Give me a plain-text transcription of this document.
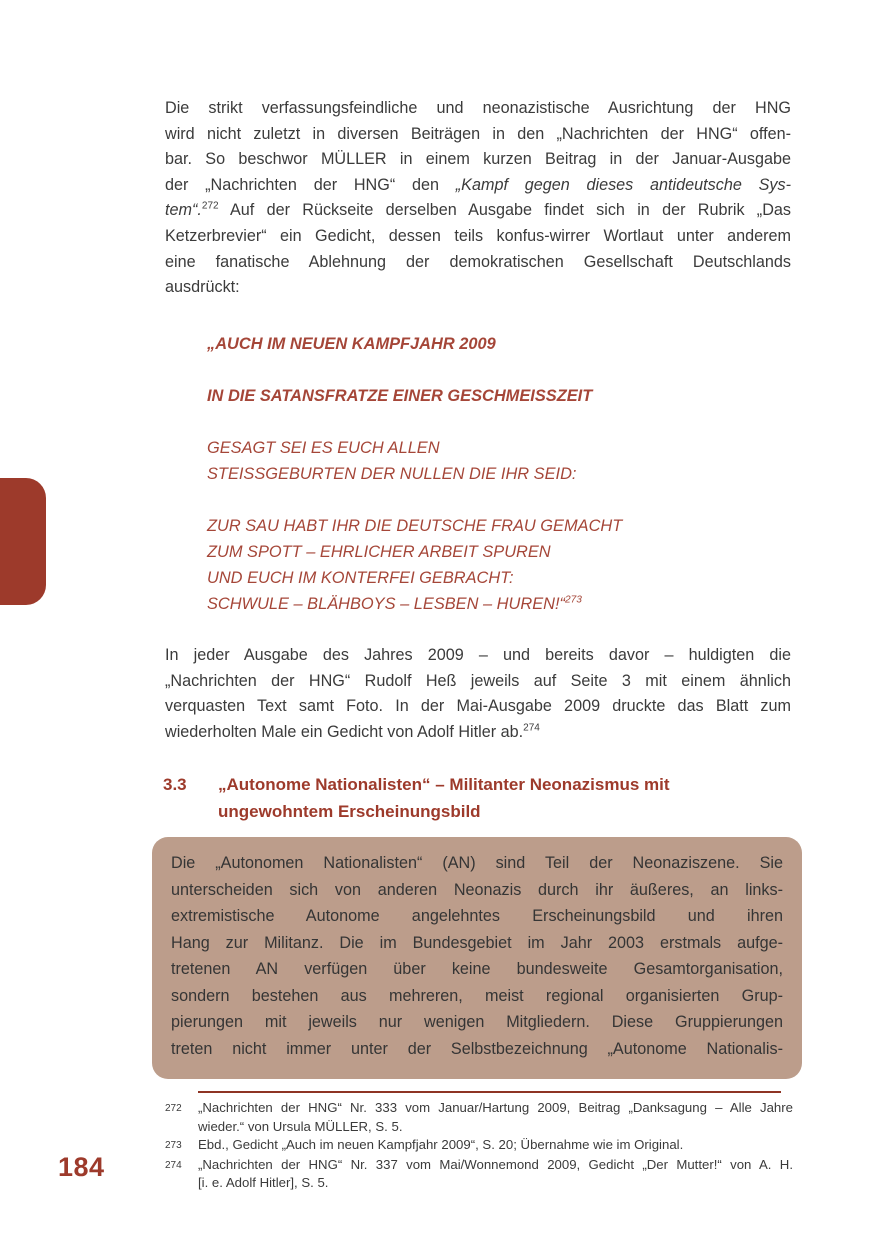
Die strikt verfassungsfeindliche und neonazistische Ausrichtung der HNG
wird nicht zuletzt in diversen Beiträgen in den „Nachrichten der HNG“ offen-
bar. So beschwor MÜLLER in einem kurzen Beitrag in der Januar-Ausgabe
der „Nachrichten der HNG“ den „Kampf gegen dieses antideutsche Sys-
tem“.$^{272}$ Auf der Rückseite derselben Ausgabe findet sich in der Rubrik „Das
Ketzerbrevier“ ein Gedicht, dessen teils konfus-wirrer Wortlaut unter anderem
eine fanatische Ablehnung der demokratischen Gesellschaft Deutschlands
ausdrückt:
„AUCH IM NEUEN KAMPFJAHR 2009
IN DIE SATANSFRATZE EINER GESCHMEISSZEIT
GESAGT SEI ES EUCH ALLEN
STEISSGEBURTEN DER NULLEN DIE IHR SEID:
ZUR SAU HABT IHR DIE DEUTSCHE FRAU GEMACHT
ZUM SPOTT – EHRLICHER ARBEIT SPUREN
UND EUCH IM KONTERFEI GEBRACHT:
SCHWULE – BLÄHBOYS – LESBEN – HUREN!“$^{273}$
In jeder Ausgabe des Jahres 2009 – und bereits davor – huldigten die
„Nachrichten der HNG“ Rudolf Heß jeweils auf Seite 3 mit einem ähnlich
verquasten Text samt Foto. In der Mai-Ausgabe 2009 druckte das Blatt zum
wiederholten Male ein Gedicht von Adolf Hitler ab.$^{274}$
3.3	„Autonome Nationalisten“ – Militanter Neonazismus mit
ungewohntem Erscheinungsbild
Die „Autonomen Nationalisten“ (AN) sind Teil der Neonaziszene. Sie
unterscheiden sich von anderen Neonazis durch ihr äußeres, an links-
extremistische Autonome angelehntes Erscheinungsbild und ihren
Hang zur Militanz. Die im Bundesgebiet im Jahr 2003 erstmals aufge-
tretenen AN verfügen über keine bundesweite Gesamtorganisation,
sondern bestehen aus mehreren, meist regional organisierten Grup-
pierungen mit jeweils nur wenigen Mitgliedern. Diese Gruppierungen
treten nicht immer unter der Selbstbezeichnung „Autonome Nationalis-
272	„Nachrichten der HNG“ Nr. 333 vom Januar/Hartung 2009, Beitrag „Danksagung – Alle Jahre
wieder.“ von Ursula MÜLLER, S. 5.
273	Ebd., Gedicht „Auch im neuen Kampfjahr 2009“, S. 20; Übernahme wie im Original.
274	„Nachrichten der HNG“ Nr. 337 vom Mai/Wonnemond 2009, Gedicht „Der Mutter!“ von A. H.
[i. e. Adolf Hitler], S. 5.
184
